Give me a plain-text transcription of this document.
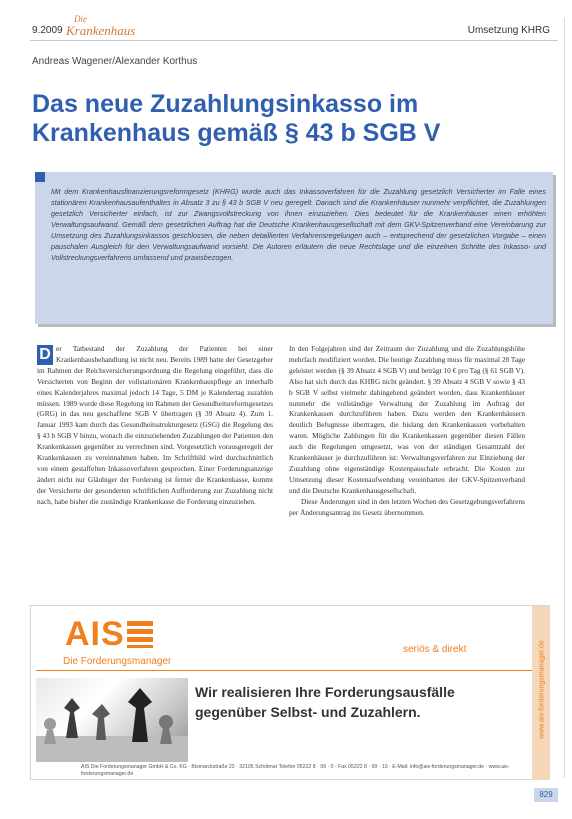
9.2009
Die
Krankenhaus	Umsetzung KHRG
Andreas Wagener/Alexander Korthus
Das neue Zuzahlungsinkasso im Krankenhaus gemäß § 43 b SGB V

Mit dem Krankenhausfinanzierungsreformgesetz (KHRG) wurde auch das Inkassoverfahren für die Zuzahlung gesetzlich Versicherter im Falle eines stationären Krankenhausaufenthaltes in Absatz 3 zu § 43 b SGB V neu geregelt. Danach sind die Krankenhäuser nunmehr verpflichtet, die Zuzahlungen gesetzlich Versicherter einfach, ist zur Zwangsvollstreckung von ihnen einzuziehen. Dies bedeutet für die Krankenhäuser einen erhöhten Verwaltungsaufwand. Gemäß dem gesetzlichen Auftrag hat die Deutsche Krankenhausgesellschaft mit dem GKV-Spitzenverband eine Vereinbarung zur Umsetzung des Zuzahlungsinkassos geschlossen, die neben detaillierten Verfahrensregelungen auch – entsprechend der gesetzlichen Vorgabe – einen pauschalen Ausgleich für den Verwaltungsaufwand vorsieht. Die Autoren erläutern die neue Rechtslage und die einzelnen Schritte des Inkasso- und Vollstreckungsverfahrens umfassend und praxisbezogen.

D er Tatbestand der Zuzahlung der Patienten bei einer Krankenhausbehandlung ist nicht neu. Bereits 1989 hatte der Gesetzgeber im Rahmen der Reichsversicherungsordnung die Regelung eingeführt, dass die Versicherten von Beginn der vollstationären Krankenhauspflege an innerhalb eines Kalenderjahres maximal jedoch 14 Tage, 5 DM je Kalendertag zuzahlen müssen. 1989 wurde diese Regelung im Rahmen der Gesundheitsreformgesetzes (GRG) in das neu geschaffene SGB V übertragen (§ 39 Absatz 4). Zum 1. Januar 1993 kam durch das Gesundheitsstrukturgesetz (GSG) die Regelung des § 43 b SGB V hinzu, wonach die einzuziehenden Zuzahlungen der Patienten den Krankenkassen gegenüber zu verrechnen sind. Vorgesetzlich vorausgeregelt der Krankenkassen zu vereinnahmen haben. Im Schriftbild wird durchschnittlich von einem gestaffelten Inkassoverfahren gesprochen. Einer Forderungsanzeige ändert nicht nur Gläubiger der Forderung ist ferner die Krankenkasse, kommt der Versicherte der gesonderten schriftlichen Aufforderung zur Zuzahlung nicht nach, habe bisher die zuständige Krankenkasse die Forderung einzuziehen.

In den Folgejahren sind der Zeitraum der Zuzahlung und die Zuzahlungshöhe mehrfach modifiziert worden. Die heutige Zuzahlung muss für maximal 28 Tage geleistet werden (§ 39 Absatz 4 SGB V) und beträgt 10 € pro Tag (§ 61 SGB V). Also hat sich durch das KHRG nicht geändert. § 39 Absatz 4 SGB V sowie § 43 b SGB V selbst vielmehr dahingehend geändert worden, dass Krankenhäuser nunmehr die vollständige Verwaltung der Zuzahlung im Auftrag der Krankenkassen durchzuführen haben. Dazu werden den Krankenhäusern deutlich Befugnisse übertragen, die bislang den Krankenkassen vorbehalten waren. Mögliche Zahlungen für die Krankenkassen gegenüber diesen Fällen auch die Regelungen umgesetzt, was von der ständigen Gesamtzahl der Krankenhäuser je durchzuführen ist: Verwaltungsverfahren zur Einziehung der Zuzahlung ohne eigenständige Kostenpauschale erbracht. Die Kosten zur Umsetzung dieser Kostenaufwendung vereinbarten der GKV-Spitzenverband und die Deutsche Krankenhausgesellschaft.

Diese Änderungen sind in den letzten Wochen des Gesetzgebungsverfahrens per Änderungsantrag ins Gesetz übernommen.

AIS
Die Forderungsmanager
seriös & direkt
Wir realisieren Ihre Forderungsausfälle gegenüber Selbst- und Zuzahlern.
AIS Die Forderungsmanager GmbH & Co. KG · Bismarckstraße 22 · 32105 Schötmar Telefon 05222 8 · 99 · 0 · Fax 05222 8 · 99 · 10 · E-Mail: info@ais-forderungsmanager.de · www.ais-forderungsmanager.de
www.ais-forderungsmanager.de
829
